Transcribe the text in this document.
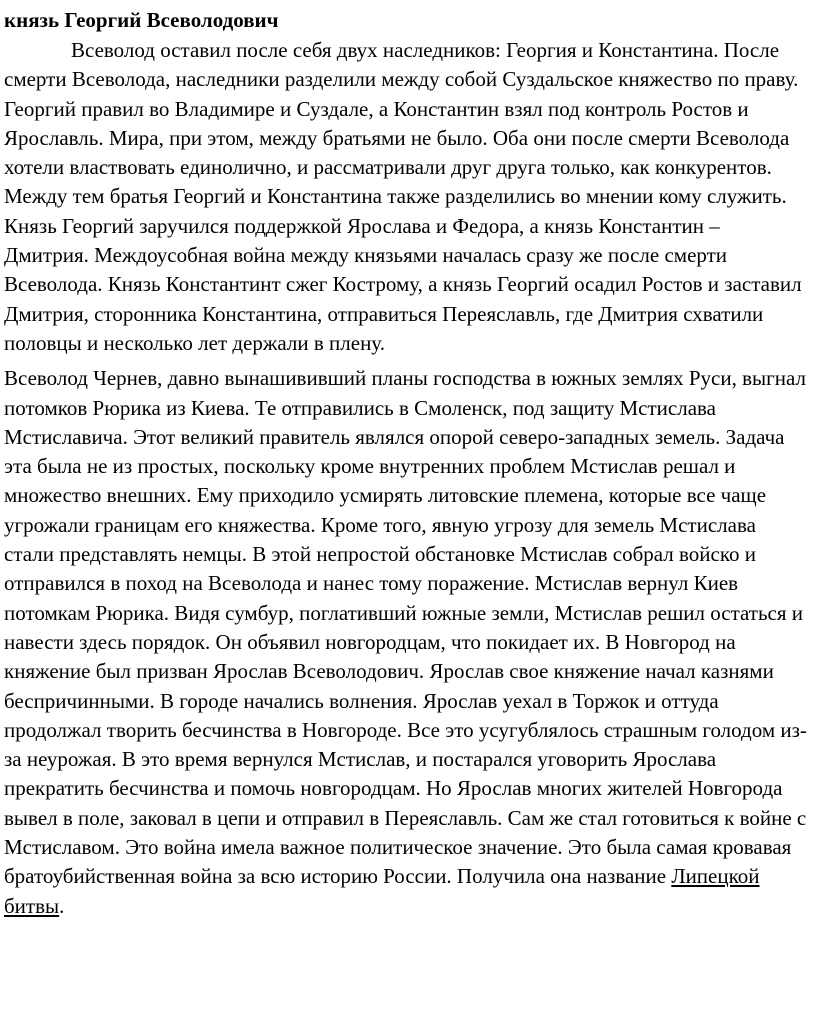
князь Георгий Всеволодович

Всеволод оставил после себя двух наследников: Георгия и Константина. После смерти Всеволода, наследники разделили между собой Суздальское княжество по праву. Георгий правил во Владимире и Суздале, а Константин взял под контроль Ростов и Ярославль. Мира, при этом, между братьями не было. Оба они после смерти Всеволода хотели властвовать единолично, и рассматривали друг друга только, как конкурентов. Между тем братья Георгий и Константина также разделились во мнении кому служить. Князь Георгий заручился поддержкой Ярослава и Федора, а князь Константин – Дмитрия. Междоусобная война между князьями началась сразу же после смерти Всеволода. Князь Константинт сжег Кострому, а князь Георгий осадил Ростов и заставил Дмитрия, сторонника Константина, отправиться Переяславль, где Дмитрия схватили половцы и несколько лет держали в плену.

Всеволод Чернев, давно вынашививший планы господства в южных землях Руси, выгнал потомков Рюрика из Киева. Те отправились в Смоленск, под защиту Мстислава Мстиславича. Этот великий правитель являлся опорой северо-западных земель. Задача эта была не из простых, поскольку кроме внутренних проблем Мстислав решал и множество внешних. Ему приходило усмирять литовские племена, которые все чаще угрожали границам его княжества. Кроме того, явную угрозу для земель Мстислава стали представлять немцы. В этой непростой обстановке Мстислав собрал войско и отправился в поход на Всеволода и нанес тому поражение. Мстислав вернул Киев потомкам Рюрика. Видя сумбур, поглативший южные земли, Мстислав решил остаться и навести здесь порядок. Он объявил новгородцам, что покидает их. В Новгород на княжение был призван Ярослав Всеволодович. Ярослав свое княжение начал казнями беспричинными. В городе начались волнения. Ярослав уехал в Торжок и оттуда продолжал творить бесчинства в Новгороде. Все это усугублялось страшным голодом из-за неурожая. В это время вернулся Мстислав, и постарался уговорить Ярослава прекратить бесчинства и помочь новгородцам. Но Ярослав многих жителей Новгорода вывел в поле, заковал в цепи и отправил в Переяславль. Сам же стал готовиться к войне с Мстиславом. Это война имела важное политическое значение. Это была самая кровавая братоубийственная война за всю историю России. Получила она название Липецкой битвы.
